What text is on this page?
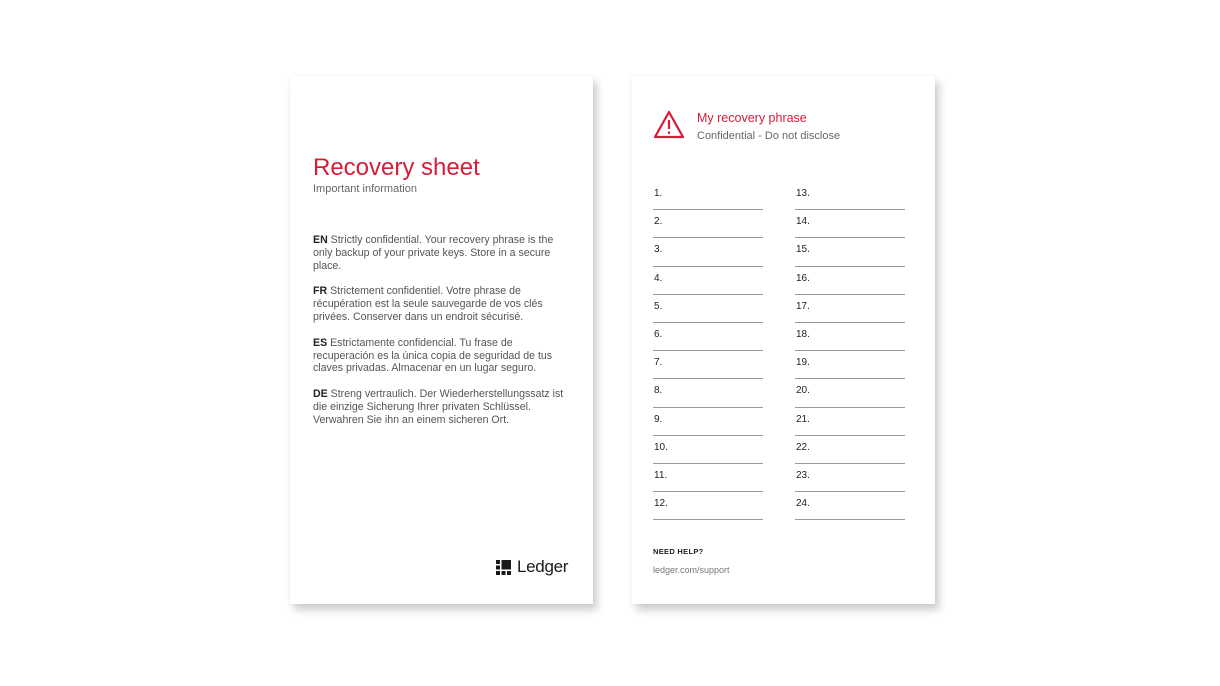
Recovery sheet
Important information
EN Strictly confidential. Your recovery phrase is the only backup of your private keys. Store in a secure place.
FR Strictement confidentiel. Votre phrase de récupération est la seule sauvegarde de vos clés privées. Conserver dans un endroit sécurisé.
ES Estrictamente confidencial. Tu frase de recuperación es la única copia de seguridad de tus claves privadas. Almacenar en un lugar seguro.
DE Streng vertraulich. Der Wiederherstellungssatz ist die einzige Sicherung Ihrer privaten Schlüssel. Verwahren Sie ihn an einem sicheren Ort.
Ledger
My recovery phrase
Confidential - Do not disclose
1.
2.
3.
4.
5.
6.
7.
8.
9.
10.
11.
12.
13.
14.
15.
16.
17.
18.
19.
20.
21.
22.
23.
24.
NEED HELP?
ledger.com/support
